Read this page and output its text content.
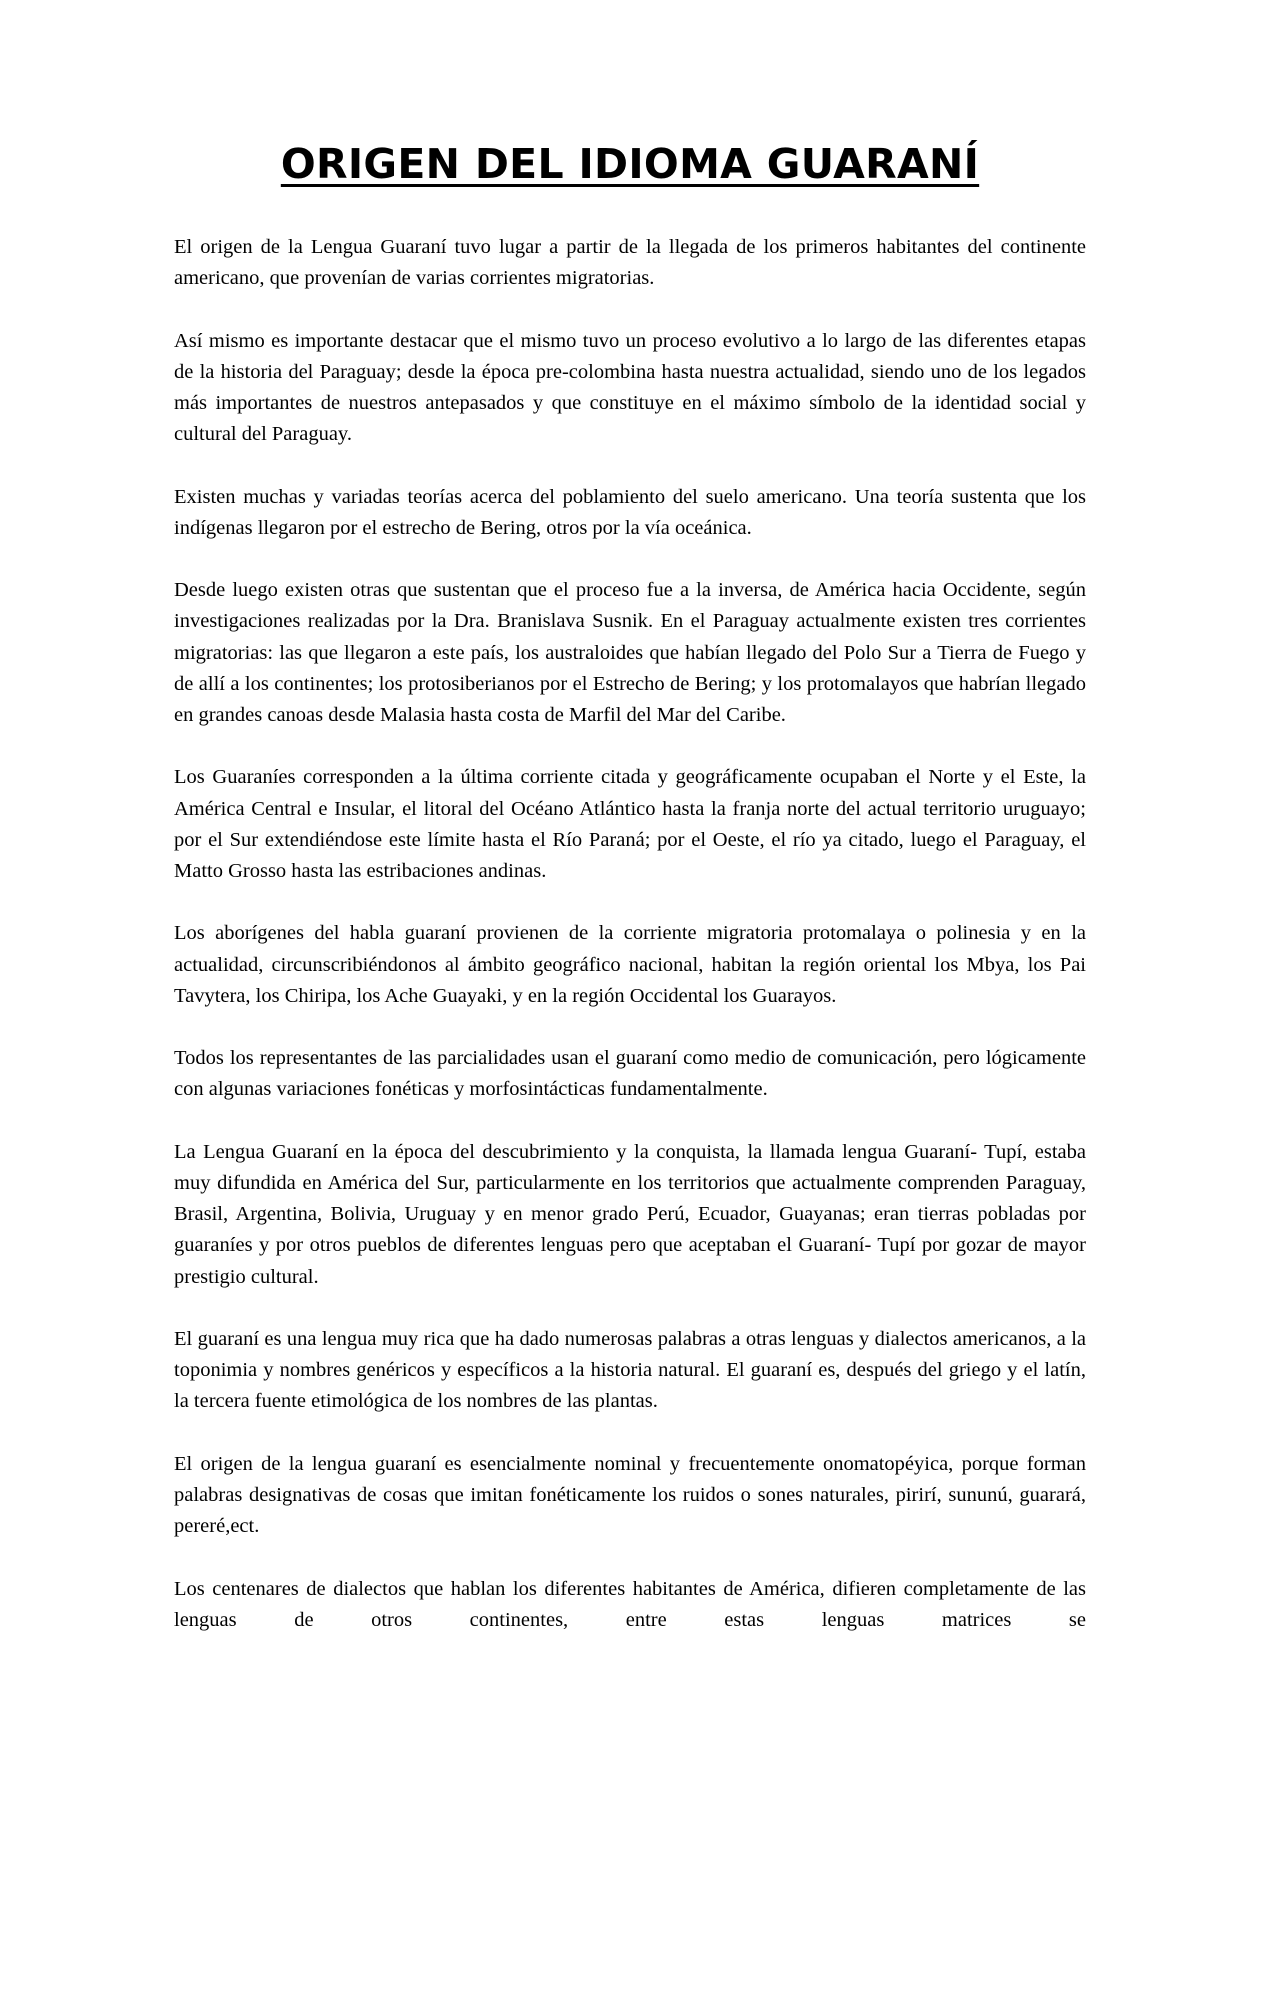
ORIGEN DEL IDIOMA GUARANÍ

El origen de la Lengua Guaraní tuvo lugar a partir de la llegada de los primeros habitantes del continente americano, que provenían de varias corrientes migratorias.

Así mismo es importante destacar que el mismo tuvo un proceso evolutivo a lo largo de las diferentes etapas de la historia del Paraguay; desde la época pre-colombina hasta nuestra actualidad, siendo uno de los legados más importantes de nuestros antepasados y que constituye en el máximo símbolo de la identidad social y cultural del Paraguay.

Existen muchas y variadas teorías acerca del poblamiento del suelo americano. Una teoría sustenta que los indígenas llegaron por el estrecho de Bering, otros por la vía oceánica.

Desde luego existen otras que sustentan que el proceso fue a la inversa, de América hacia Occidente, según investigaciones realizadas por la Dra. Branislava Susnik. En el Paraguay actualmente existen tres corrientes migratorias: las que llegaron a este país, los australoides que habían llegado del Polo Sur a Tierra de Fuego y de allí a los continentes; los protosiberianos por el Estrecho de Bering; y los protomalayos que habrían llegado en grandes canoas desde Malasia hasta costa de Marfil del Mar del Caribe.

Los Guaraníes corresponden a la última corriente citada y geográficamente ocupaban el Norte y el Este, la América Central e Insular, el litoral del Océano Atlántico hasta la franja norte del actual territorio uruguayo; por el Sur extendiéndose este límite hasta el Río Paraná; por el Oeste, el río ya citado, luego el Paraguay, el Matto Grosso hasta las estribaciones andinas.

Los aborígenes del habla guaraní provienen de la corriente migratoria protomalaya o polinesia y en la actualidad, circunscribiéndonos al ámbito geográfico nacional, habitan la región oriental los Mbya, los Pai Tavytera, los Chiripa, los Ache Guayaki, y en la región Occidental los Guarayos.

Todos los representantes de las parcialidades usan el guaraní como medio de comunicación, pero lógicamente con algunas variaciones fonéticas y morfosintácticas fundamentalmente.

La Lengua Guaraní en la época del descubrimiento y la conquista, la llamada lengua Guaraní- Tupí, estaba muy difundida en América del Sur, particularmente en los territorios que actualmente comprenden Paraguay, Brasil, Argentina, Bolivia, Uruguay y en menor grado Perú, Ecuador, Guayanas; eran tierras pobladas por guaraníes y por otros pueblos de diferentes lenguas pero que aceptaban el Guaraní- Tupí por gozar de mayor prestigio cultural.

El guaraní es una lengua muy rica que ha dado numerosas palabras a otras lenguas y dialectos americanos, a la toponimia y nombres genéricos y específicos a la historia natural. El guaraní es, después del griego y el latín, la tercera fuente etimológica de los nombres de las plantas.

El origen de la lengua guaraní es esencialmente nominal y frecuentemente onomatopéyica, porque forman palabras designativas de cosas que imitan fonéticamente los ruidos o sones naturales, pirirí, sununú, guarará, pereré,ect.

Los centenares de dialectos que hablan los diferentes habitantes de América, difieren completamente de las lenguas de otros continentes, entre estas lenguas matrices se
